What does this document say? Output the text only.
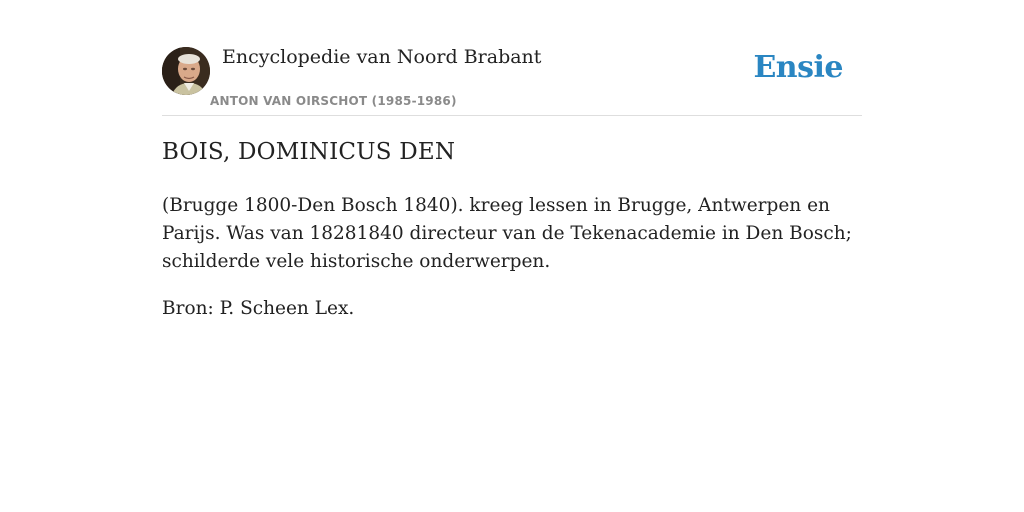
Encyclopedie van Noord Brabant
ANTON VAN OIRSCHOT (1985-1986)
Ensie
BOIS, DOMINICUS DEN

(Brugge 1800-Den Bosch 1840). kreeg lessen in Brugge, Antwerpen en Parijs. Was van 18281840 directeur van de Tekenacademie in Den Bosch; schilderde vele historische onderwerpen.

Bron: P. Scheen Lex.
